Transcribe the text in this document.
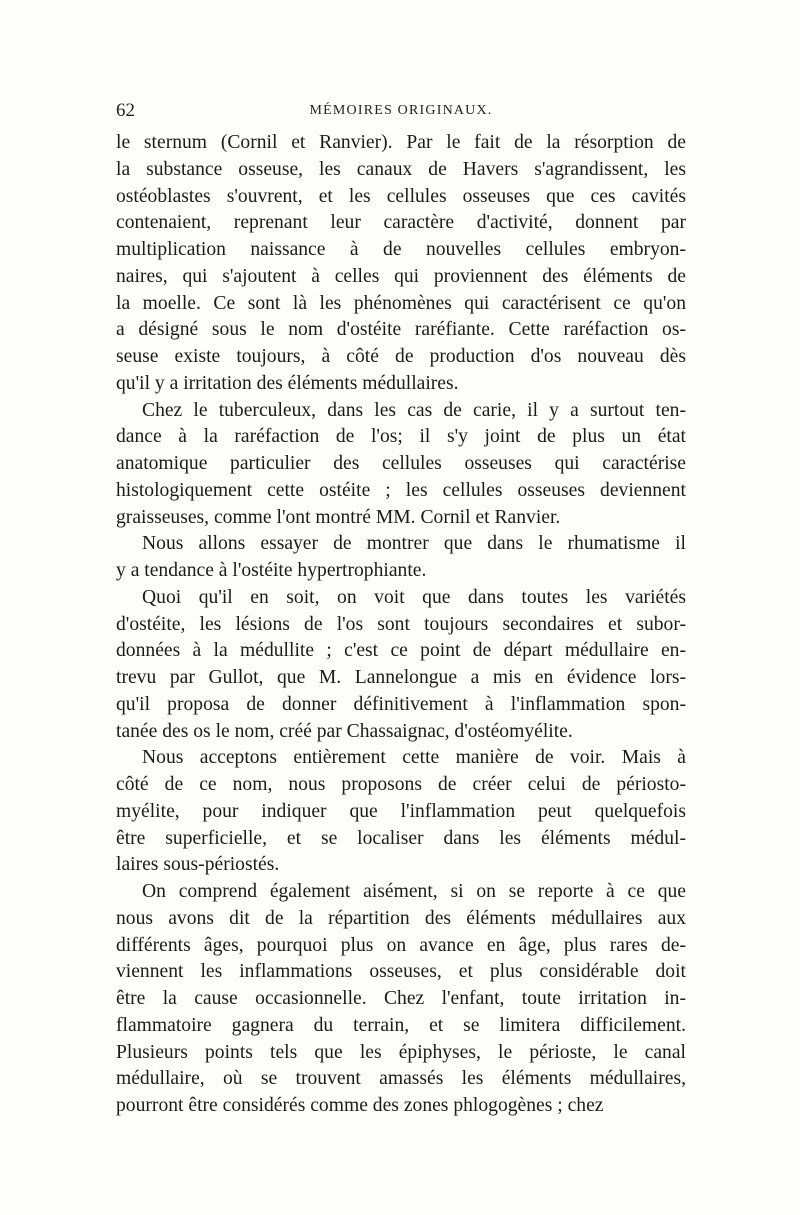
62	MÉMOIRES ORIGINAUX.
le sternum (Cornil et Ranvier). Par le fait de la résorption de
la substance osseuse, les canaux de Havers s'agrandissent, les
ostéoblastes s'ouvrent, et les cellules osseuses que ces cavités
contenaient, reprenant leur caractère d'activité, donnent par
multiplication naissance à de nouvelles cellules embryon-
naires, qui s'ajoutent à celles qui proviennent des éléments de
la moelle. Ce sont là les phénomènes qui caractérisent ce qu'on
a désigné sous le nom d'ostéite raréfiante. Cette raréfaction os-
seuse existe toujours, à côté de production d'os nouveau dès
qu'il y a irritation des éléments médullaires.
Chez le tuberculeux, dans les cas de carie, il y a surtout ten-
dance à la raréfaction de l'os; il s'y joint de plus un état
anatomique particulier des cellules osseuses qui caractérise
histologiquement cette ostéite ; les cellules osseuses deviennent
graisseuses, comme l'ont montré MM. Cornil et Ranvier.
Nous allons essayer de montrer que dans le rhumatisme il
y a tendance à l'ostéite hypertrophiante.
Quoi qu'il en soit, on voit que dans toutes les variétés
d'ostéite, les lésions de l'os sont toujours secondaires et subor-
données à la médullite ; c'est ce point de départ médullaire en-
trevu par Gullot, que M. Lannelongue a mis en évidence lors-
qu'il proposa de donner définitivement à l'inflammation spon-
tanée des os le nom, créé par Chassaignac, d'ostéomyélite.
Nous acceptons entièrement cette manière de voir. Mais à
côté de ce nom, nous proposons de créer celui de périosto-
myélite, pour indiquer que l'inflammation peut quelquefois
être superficielle, et se localiser dans les éléments médul-
laires sous-périostés.
On comprend également aisément, si on se reporte à ce que
nous avons dit de la répartition des éléments médullaires aux
différents âges, pourquoi plus on avance en âge, plus rares de-
viennent les inflammations osseuses, et plus considérable doit
être la cause occasionnelle. Chez l'enfant, toute irritation in-
flammatoire gagnera du terrain, et se limitera difficilement.
Plusieurs points tels que les épiphyses, le périoste, le canal
médullaire, où se trouvent amassés les éléments médullaires,
pourront être considérés comme des zones phlogogènes ; chez
